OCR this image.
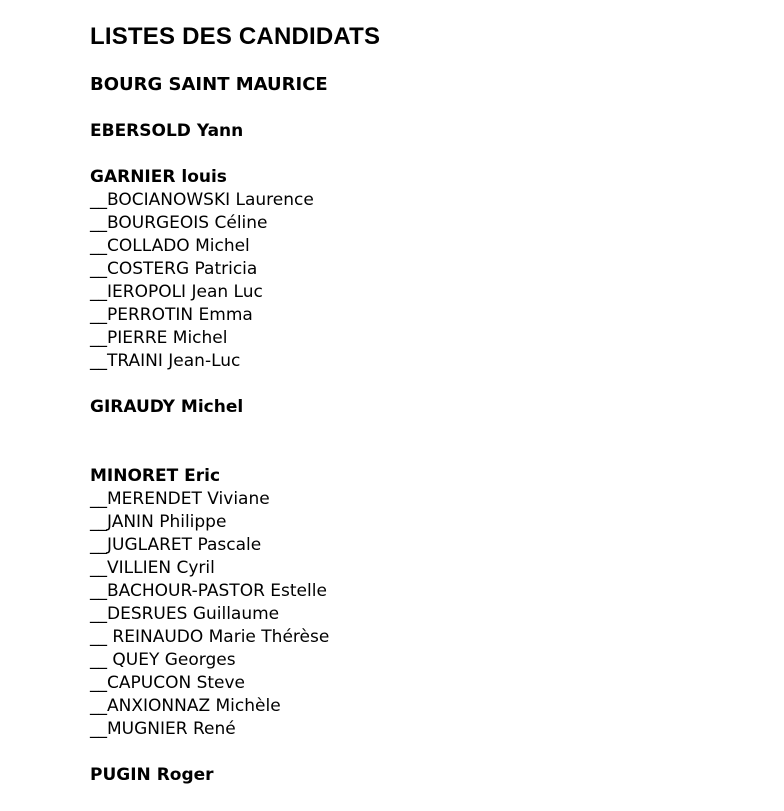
LISTES DES CANDIDATS
BOURG SAINT MAURICE
EBERSOLD Yann
GARNIER louis
__BOCIANOWSKI Laurence
__BOURGEOIS Céline
__COLLADO Michel
__COSTERG Patricia
__IEROPOLI Jean Luc
__PERROTIN Emma
__PIERRE Michel
__TRAINI Jean-Luc
GIRAUDY Michel
MINORET Eric
__MERENDET Viviane
__JANIN Philippe
__JUGLARET Pascale
__VILLIEN Cyril
__BACHOUR-PASTOR Estelle
__DESRUES Guillaume
__ REINAUDO Marie Thérèse
__ QUEY Georges
__CAPUCON Steve
__ANXIONNAZ Michèle
__MUGNIER René
PUGIN Roger
